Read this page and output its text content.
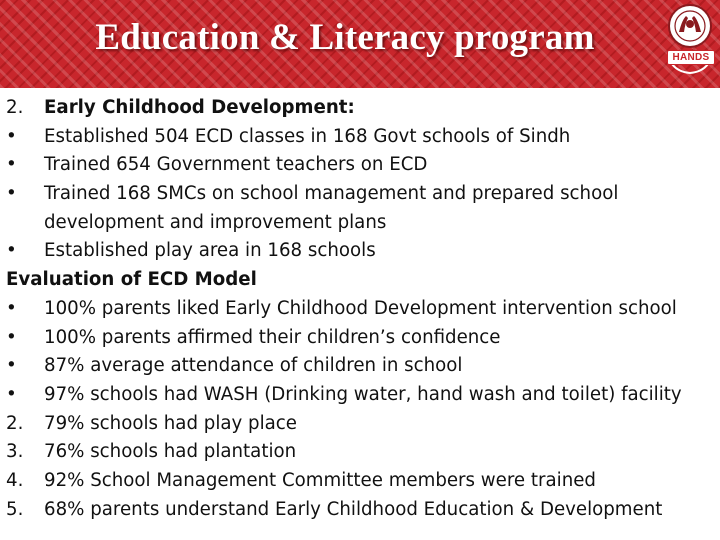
Education & Literacy program	HANDS
2. Early Childhood Development:
• Established 504 ECD classes in 168 Govt schools of Sindh
• Trained 654 Government teachers on ECD
• Trained 168 SMCs on school management and prepared school
development and improvement plans
• Established play area in 168 schools
Evaluation of ECD Model
• 100% parents liked Early Childhood Development intervention school
• 100% parents affirmed their children’s confidence
• 87% average attendance of children in school
• 97% schools had WASH (Drinking water, hand wash and toilet) facility
2. 79% schools had play place
3. 76% schools had plantation
4. 92% School Management Committee members were trained
5. 68% parents understand Early Childhood Education & Development
